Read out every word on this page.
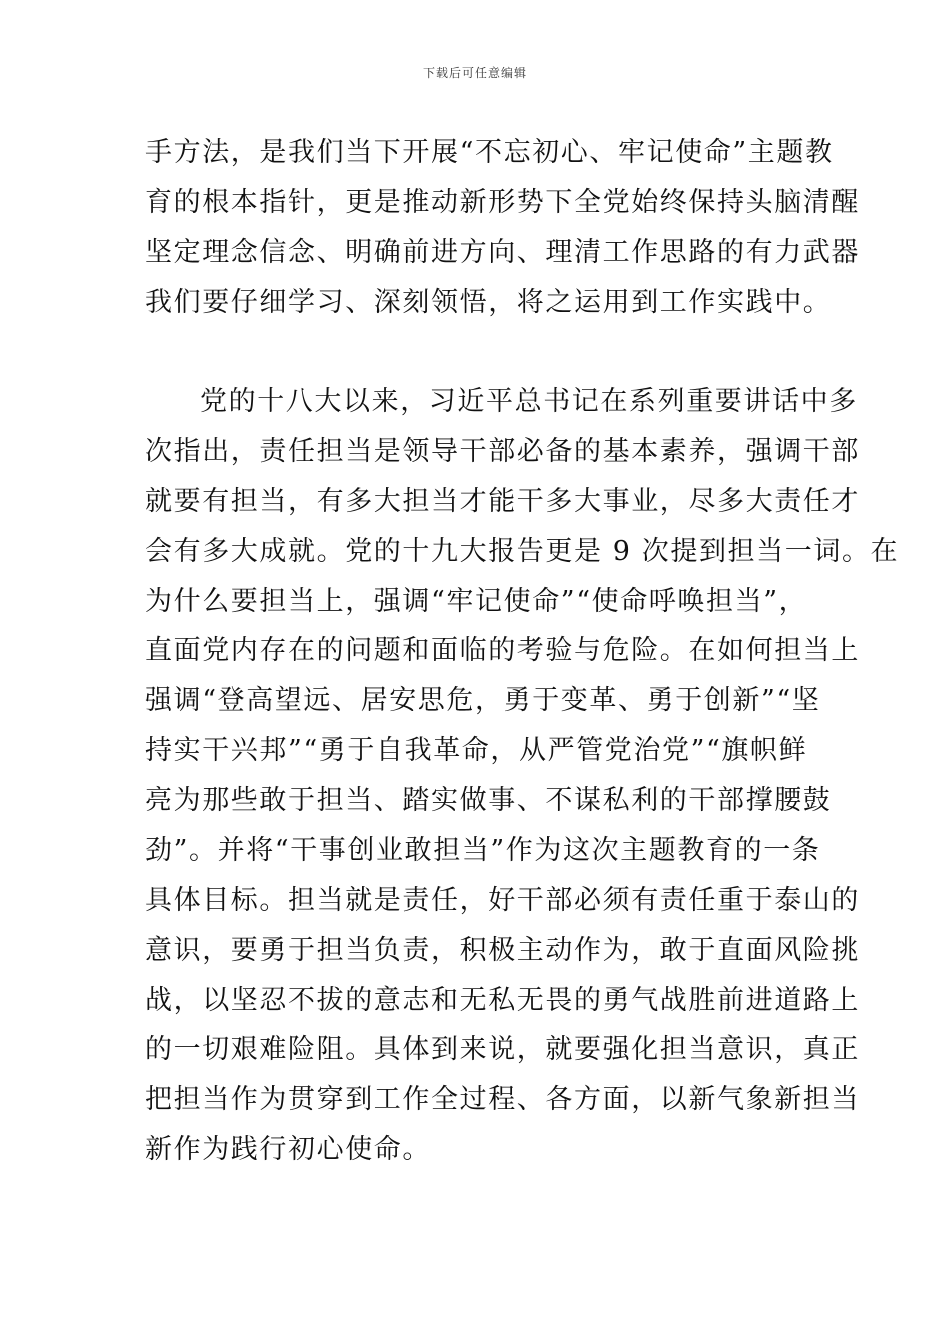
下载后可任意编辑
手方法，是我们当下开展“不忘初心、牢记使命”主题教
育的根本指针，更是推动新形势下全党始终保持头脑清醒
坚定理念信念、明确前进方向、理清工作思路的有力武器
我们要仔细学习、深刻领悟，将之运用到工作实践中。
党的十八大以来，习近平总书记在系列重要讲话中多
次指出，责任担当是领导干部必备的基本素养，强调干部
就要有担当，有多大担当才能干多大事业，尽多大责任才
会有多大成就。党的十九大报告更是 9 次提到担当一词。在
为什么要担当上，强调“牢记使命”“使命呼唤担当”，
直面党内存在的问题和面临的考验与危险。在如何担当上
强调“登高望远、居安思危，勇于变革、勇于创新”“坚
持实干兴邦”“勇于自我革命，从严管党治党”“旗帜鲜
亮为那些敢于担当、踏实做事、不谋私利的干部撑腰鼓
劲”。并将“干事创业敢担当”作为这次主题教育的一条
具体目标。担当就是责任，好干部必须有责任重于泰山的
意识，要勇于担当负责，积极主动作为，敢于直面风险挑
战，以坚忍不拔的意志和无私无畏的勇气战胜前进道路上
的一切艰难险阻。具体到来说，就要强化担当意识，真正
把担当作为贯穿到工作全过程、各方面，以新气象新担当
新作为践行初心使命。
